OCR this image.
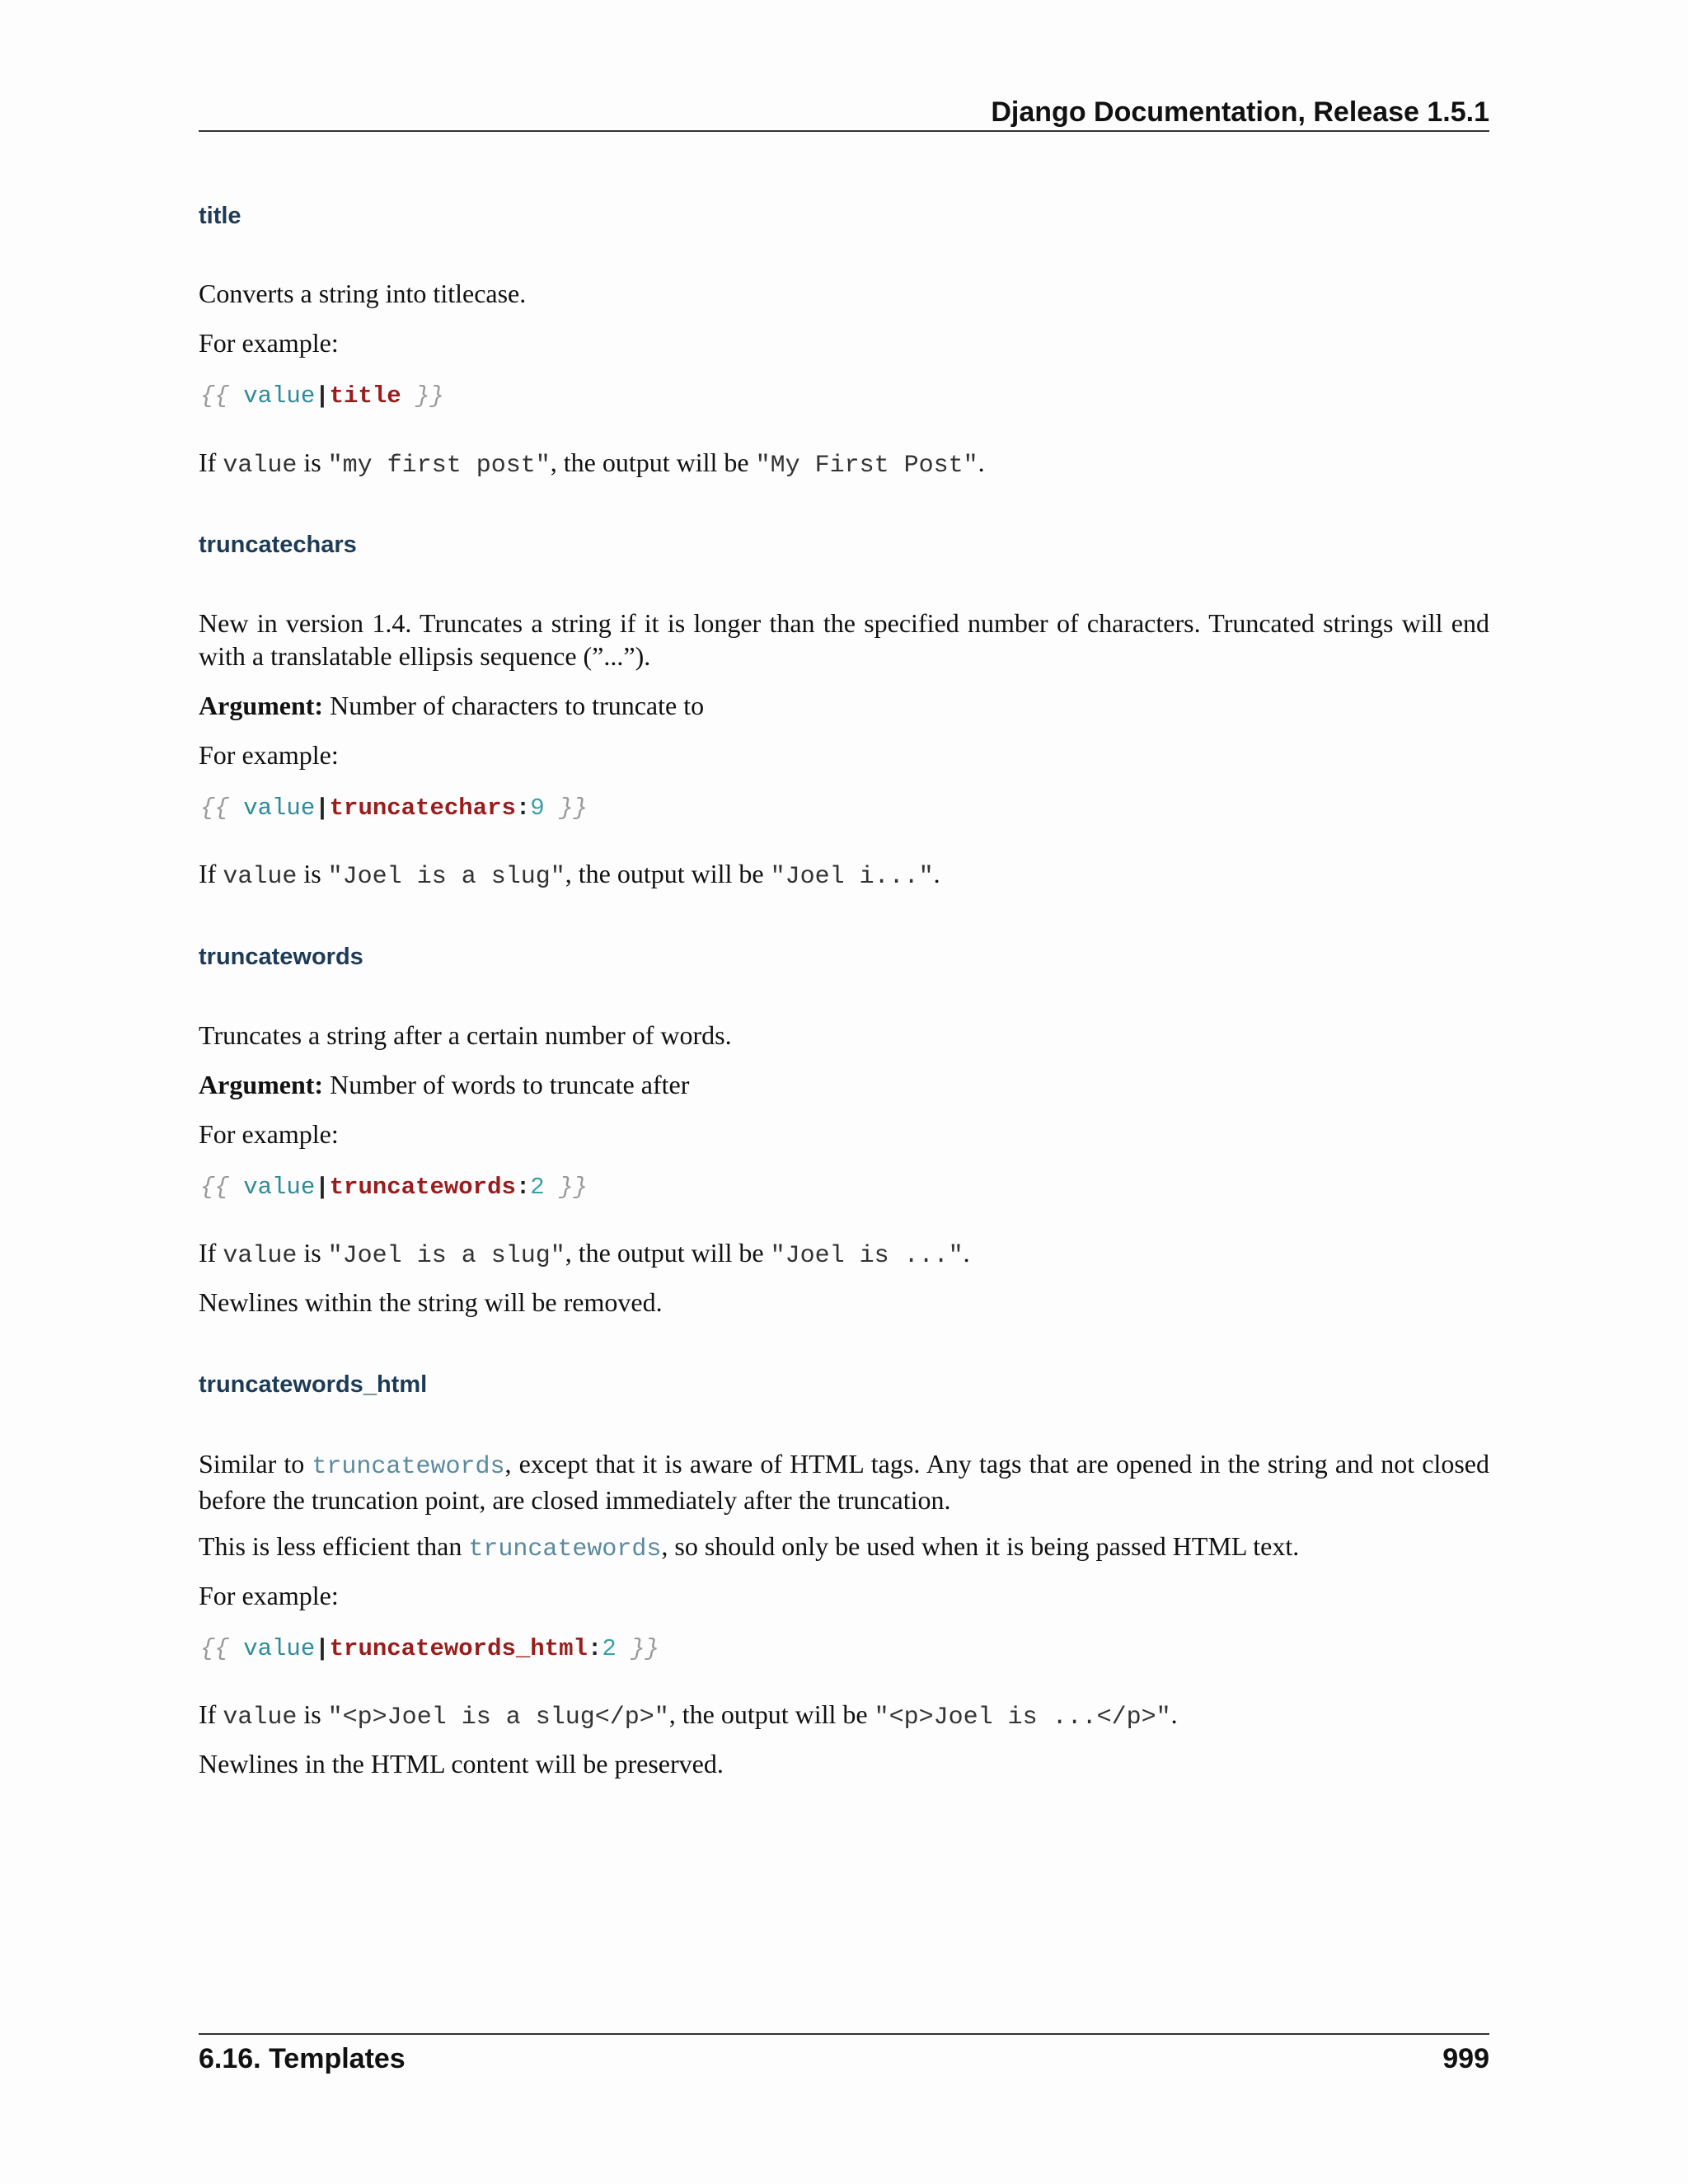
Django Documentation, Release 1.5.1
title
Converts a string into titlecase.
For example:
{{ value|title }}
If value is "my first post", the output will be "My First Post".
truncatechars
New in version 1.4. Truncates a string if it is longer than the specified number of characters. Truncated strings will end with a translatable ellipsis sequence (”...”).
Argument: Number of characters to truncate to
For example:
{{ value|truncatechars:9 }}
If value is "Joel is a slug", the output will be "Joel i...".
truncatewords
Truncates a string after a certain number of words.
Argument: Number of words to truncate after
For example:
{{ value|truncatewords:2 }}
If value is "Joel is a slug", the output will be "Joel is ...".
Newlines within the string will be removed.
truncatewords_html
Similar to truncatewords, except that it is aware of HTML tags. Any tags that are opened in the string and not closed before the truncation point, are closed immediately after the truncation.
This is less efficient than truncatewords, so should only be used when it is being passed HTML text.
For example:
{{ value|truncatewords_html:2 }}
If value is "<p>Joel is a slug</p>", the output will be "<p>Joel is ...</p>".
Newlines in the HTML content will be preserved.
6.16. Templates	999
